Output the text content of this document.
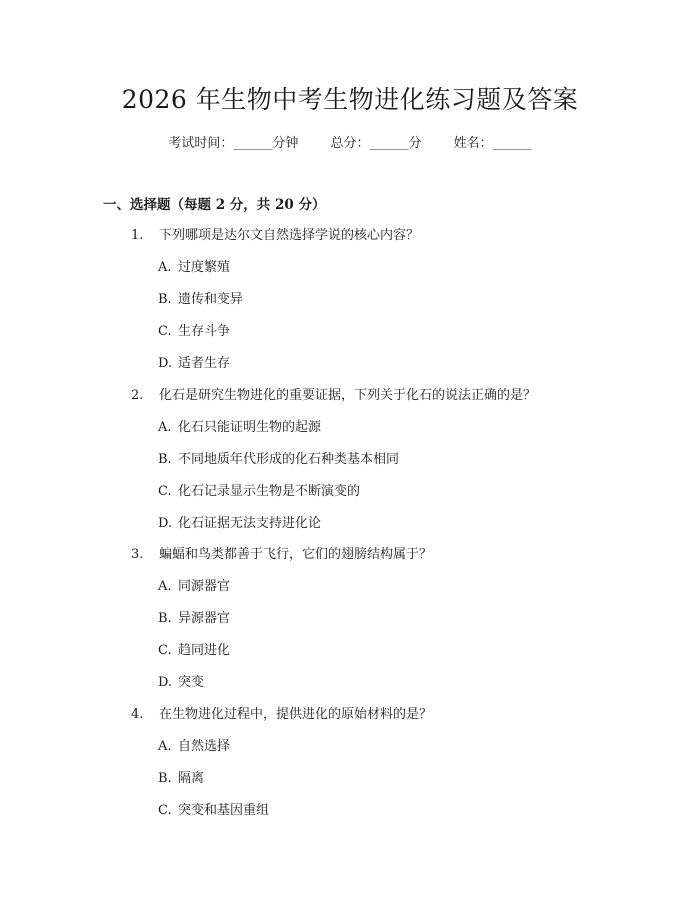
2026 年生物中考生物进化练习题及答案
考试时间：______分钟 总分：______分 姓名：______
一、选择题（每题 2 分，共 20 分）
1. 下列哪项是达尔文自然选择学说的核心内容？
A. 过度繁殖
B. 遗传和变异
C. 生存斗争
D. 适者生存
2. 化石是研究生物进化的重要证据，下列关于化石的说法正确的是？
A. 化石只能证明生物的起源
B. 不同地质年代形成的化石种类基本相同
C. 化石记录显示生物是不断演变的
D. 化石证据无法支持进化论
3. 蝙蝠和鸟类都善于飞行，它们的翅膀结构属于？
A. 同源器官
B. 异源器官
C. 趋同进化
D. 突变
4. 在生物进化过程中，提供进化的原始材料的是？
A. 自然选择
B. 隔离
C. 突变和基因重组
